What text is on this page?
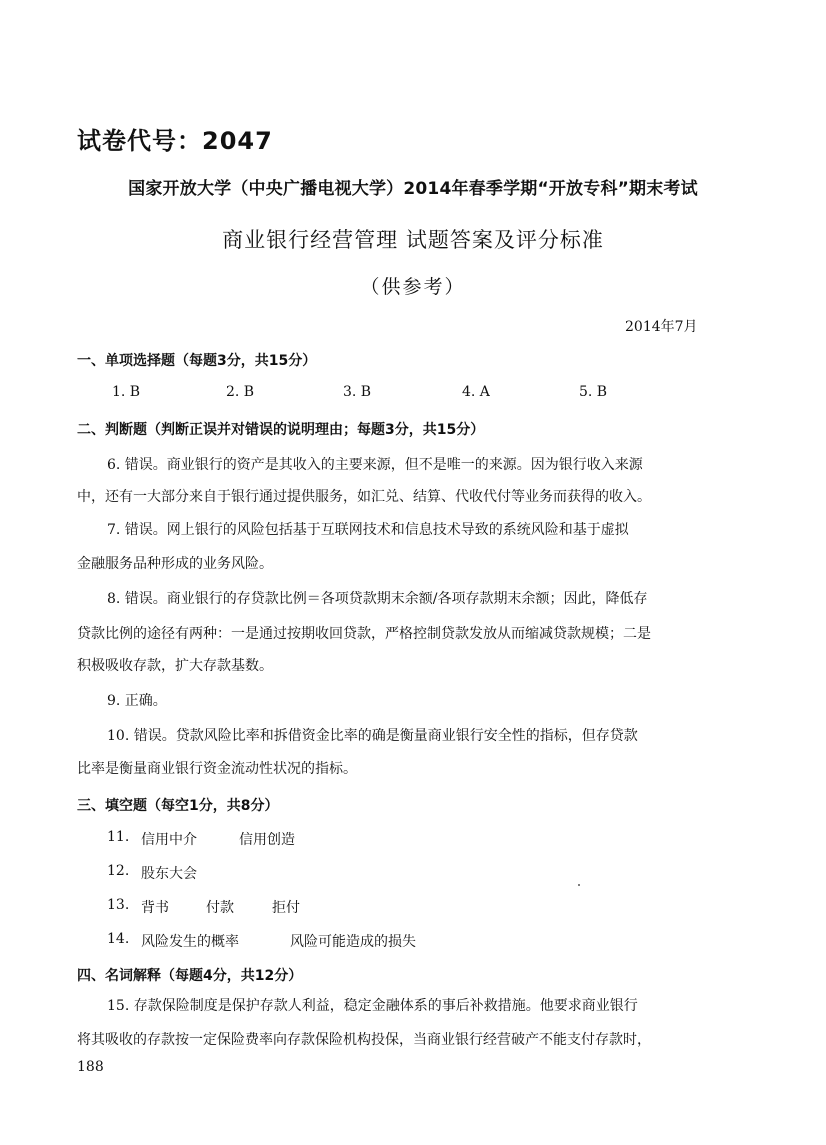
试卷代号：2047
国家开放大学（中央广播电视大学）2014年春季学期“开放专科”期末考试
商业银行经营管理 试题答案及评分标准
（供参考）
2014年7月
一、单项选择题（每题3分，共15分）
1. B	2. B	3. B	4. A	5. B
二、判断题（判断正误并对错误的说明理由；每题3分，共15分）
6. 错误。商业银行的资产是其收入的主要来源，但不是唯一的来源。因为银行收入来源
中，还有一大部分来自于银行通过提供服务，如汇兑、结算、代收代付等业务而获得的收入。
7. 错误。网上银行的风险包括基于互联网技术和信息技术导致的系统风险和基于虚拟
金融服务品种形成的业务风险。
8. 错误。商业银行的存贷款比例＝各项贷款期末余额/各项存款期末余额；因此，降低存
贷款比例的途径有两种：一是通过按期收回贷款，严格控制贷款发放从而缩减贷款规模；二是
积极吸收存款，扩大存款基数。
9. 正确。
10. 错误。贷款风险比率和拆借资金比率的确是衡量商业银行安全性的指标，但存贷款
比率是衡量商业银行资金流动性状况的指标。
三、填空题（每空1分，共8分）
11. 信用中介	信用创造
12. 股东大会
13. 背书	付款	拒付
14. 风险发生的概率	风险可能造成的损失
四、名词解释（每题4分，共12分）
15. 存款保险制度是保护存款人利益，稳定金融体系的事后补救措施。他要求商业银行
将其吸收的存款按一定保险费率向存款保险机构投保，当商业银行经营破产不能支付存款时，
188
